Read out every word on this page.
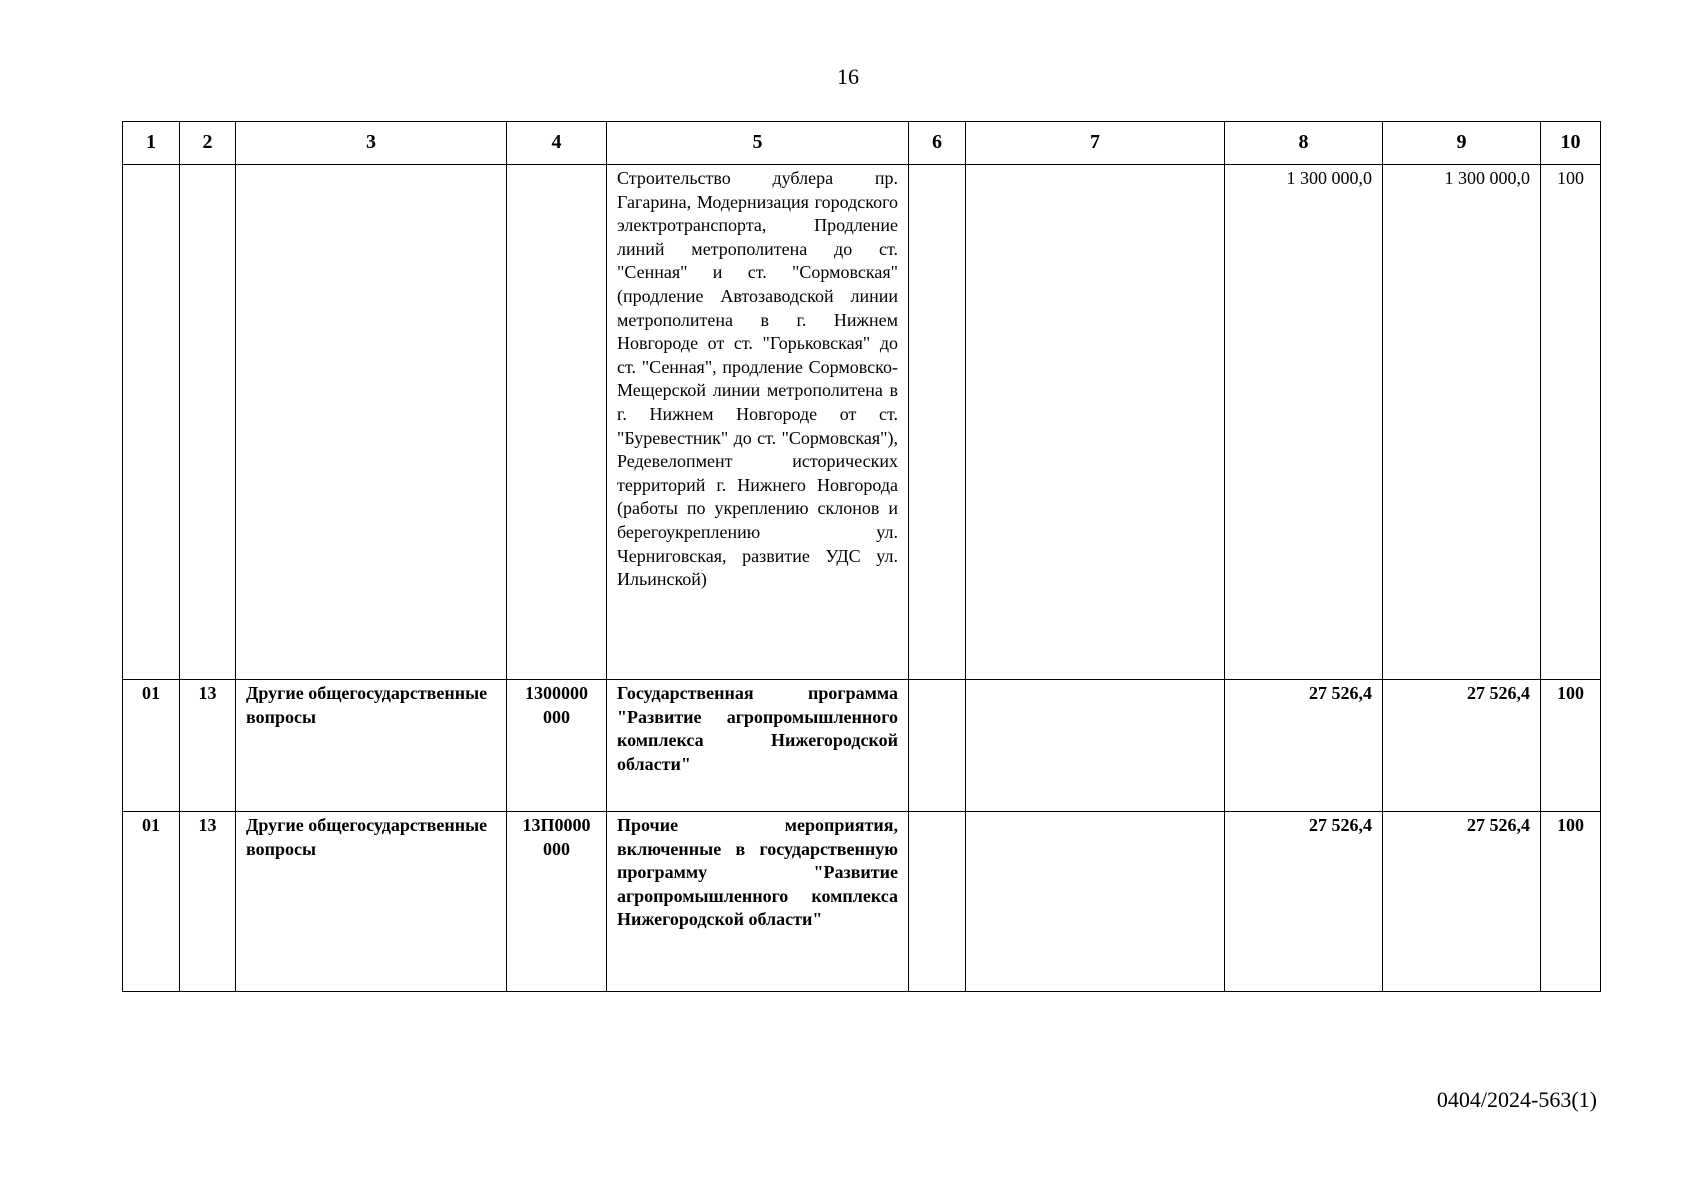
16
1	2	3	4	5	6	7	8	9	10
				Строительство дублера пр. Гагарина, Модернизация городского электротранспорта, Продление линий метрополитена до ст. "Сенная" и ст. "Сормовская" (продление Автозаводской линии метрополитена в г. Нижнем Новгороде от ст. "Горьковская" до ст. "Сенная", продление Сормовско-Мещерской линии метрополитена в г. Нижнем Новгороде от ст. "Буревестник" до ст. "Сормовская"), Редевелопмент исторических территорий г. Нижнего Новгорода (работы по укреплению склонов и берегоукреплению ул. Черниговская, развитие УДС ул. Ильинской)			1 300 000,0	1 300 000,0	100
01	13	Другие общегосударственные вопросы	1300000 000	Государственная программа "Развитие агропромышленного комплекса Нижегородской области"			27 526,4	27 526,4	100
01	13	Другие общегосударственные вопросы	13П0000 000	Прочие мероприятия, включенные в государственную программу "Развитие агропромышленного комплекса Нижегородской области"			27 526,4	27 526,4	100
0404/2024-563(1)
